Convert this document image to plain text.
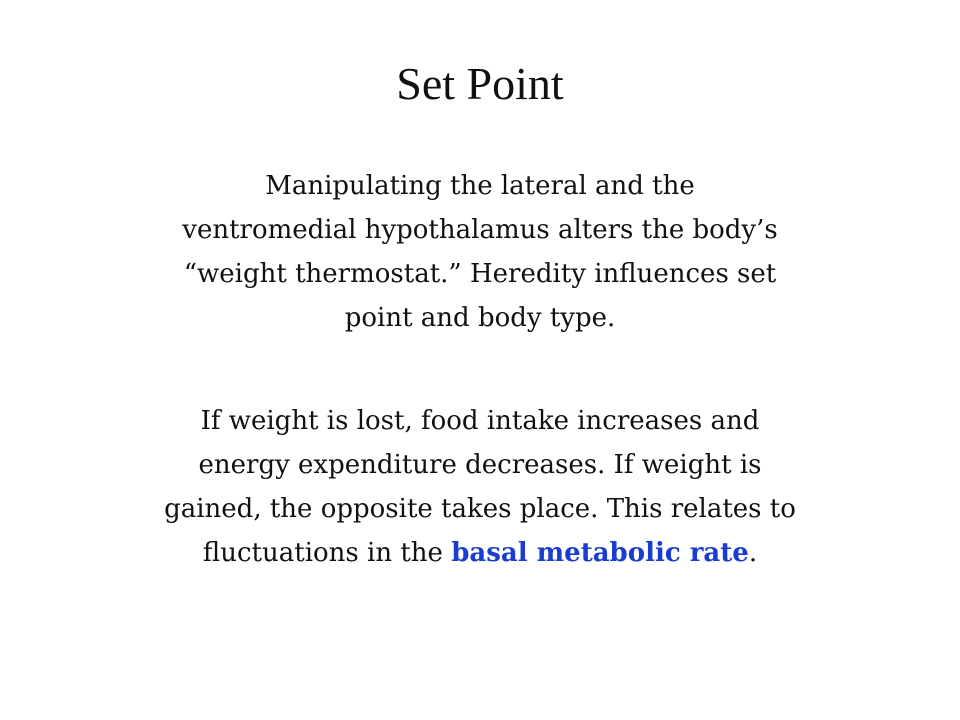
Set Point

Manipulating the lateral and the
ventromedial hypothalamus alters the body’s
“weight thermostat.” Heredity influences set
point and body type.

If weight is lost, food intake increases and
energy expenditure decreases. If weight is
gained, the opposite takes place. This relates to
fluctuations in the basal metabolic rate.
